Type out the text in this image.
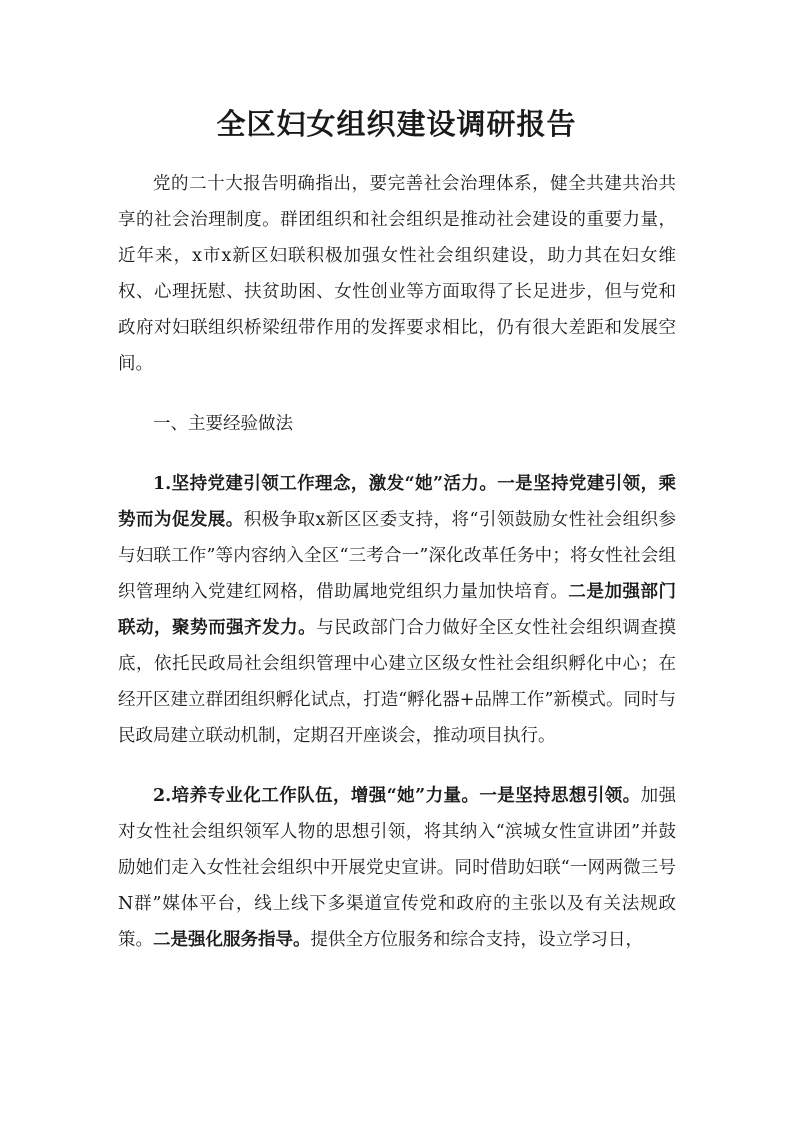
全区妇女组织建设调研报告

党的二十大报告明确指出，要完善社会治理体系，健全共建共治共享的社会治理制度。群团组织和社会组织是推动社会建设的重要力量，近年来，x市x新区妇联积极加强女性社会组织建设，助力其在妇女维权、心理抚慰、扶贫助困、女性创业等方面取得了长足进步，但与党和政府对妇联组织桥梁纽带作用的发挥要求相比，仍有很大差距和发展空间。

一、主要经验做法

1.坚持党建引领工作理念，激发“她”活力。一是坚持党建引领，乘势而为促发展。积极争取x新区区委支持，将“引领鼓励女性社会组织参与妇联工作”等内容纳入全区“三考合一”深化改革任务中；将女性社会组织管理纳入党建红网格，借助属地党组织力量加快培育。二是加强部门联动，聚势而强齐发力。与民政部门合力做好全区女性社会组织调查摸底，依托民政局社会组织管理中心建立区级女性社会组织孵化中心；在经开区建立群团组织孵化试点，打造“孵化器+品牌工作”新模式。同时与民政局建立联动机制，定期召开座谈会，推动项目执行。

2.培养专业化工作队伍，增强“她”力量。一是坚持思想引领。加强对女性社会组织领军人物的思想引领，将其纳入“滨城女性宣讲团”并鼓励她们走入女性社会组织中开展党史宣讲。同时借助妇联“一网两微三号N群”媒体平台，线上线下多渠道宣传党和政府的主张以及有关法规政策。二是强化服务指导。提供全方位服务和综合支持，设立学习日，
